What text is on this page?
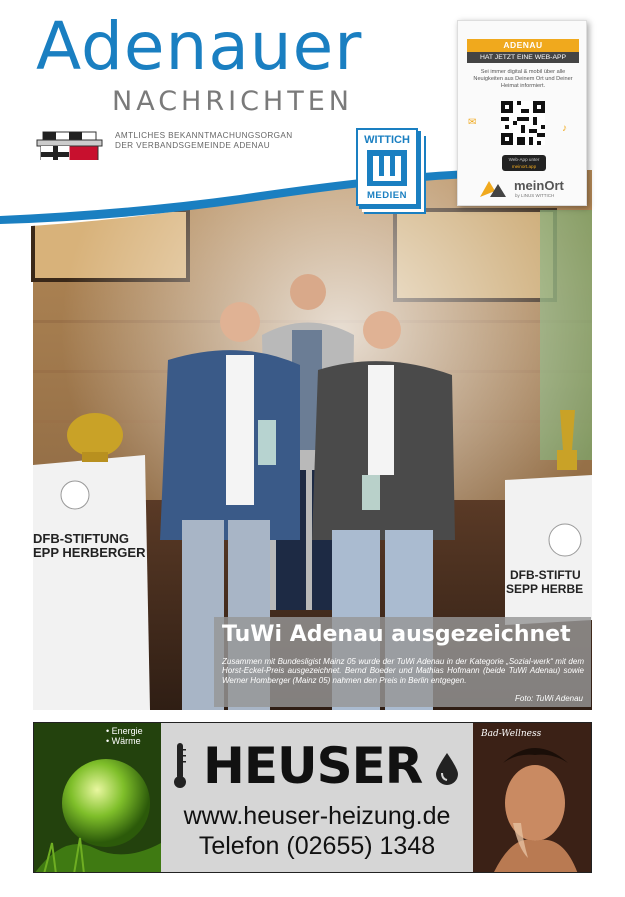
Adenauer
NACHRICHTEN
AMTLICHES BEKANNTMACHUNGSORGAN
DER VERBANDSGEMEINDE ADENAU
DFB-STIFTUNG
EPP HERBERGER
DFB-STIFTU
SEPP HERBE
WITTICH
MEDIEN
✉
♪
ADENAU
HAT JETZT EINE WEB-APP
Sei immer digital & mobil über alle Neuigkeiten aus Deinem Ort und Deiner Heimat informiert.
Web-App unter
meinort.app
meinOrt
by LINUS WITTICH
TuWi Adenau ausgezeichnet
Zusammen mit Bundesligist Mainz 05 wurde der TuWi Adenau in der Kategorie „Sozial-werk“ mit dem Horst-Eckel-Preis ausgezeichnet. Bernd Boeder und Mathias Hofmann (beide TuWi Adenau) sowie Werner Homberger (Mainz 05) nahmen den Preis in Berlin entgegen.
Foto: TuWi Adenau
• Energie
• Wärme HEUSER
www.heuser-heizung.de
Telefon (02655) 1348
Bad-Wellness
